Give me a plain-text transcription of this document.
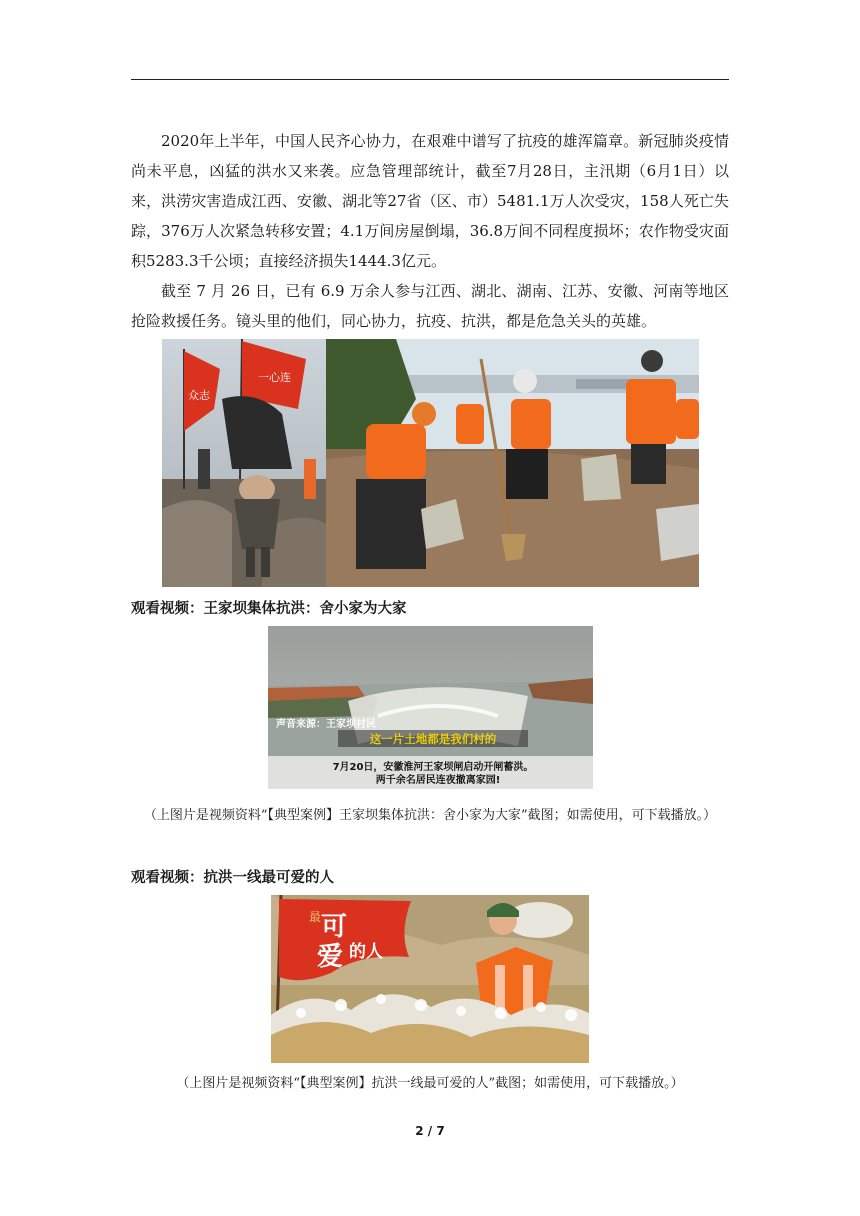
2020年上半年，中国人民齐心协力，在艰难中谱写了抗疫的雄浑篇章。新冠肺炎疫情尚未平息，凶猛的洪水又来袭。应急管理部统计，截至7月28日，主汛期（6月1日）以来，洪涝灾害造成江西、安徽、湖北等27省（区、市）5481.1万人次受灾，158人死亡失踪，376万人次紧急转移安置；4.1万间房屋倒塌，36.8万间不同程度损坏；农作物受灾面积5283.3千公顷；直接经济损失1444.3亿元。

截至 7 月 26 日，已有 6.9 万余人参与江西、湖北、湖南、江苏、安徽、河南等地区抢险救援任务。镜头里的他们，同心协力，抗疫、抗洪，都是危急关头的英雄。

众志
一心连
观看视频：王家坝集体抗洪：舍小家为大家
声音来源：王家坝村民
这一片土地都是我们村的
7月20日，安徽淮河王家坝闸启动开闸蓄洪。
两千余名居民连夜撤离家园!

（上图片是视频资料“【典型案例】王家坝集体抗洪：舍小家为大家”截图；如需使用，可下载播放。）

观看视频：抗洪一线最可爱的人
最 可
爱 的人

（上图片是视频资料“【典型案例】抗洪一线最可爱的人”截图；如需使用，可下载播放。）

2 / 7
